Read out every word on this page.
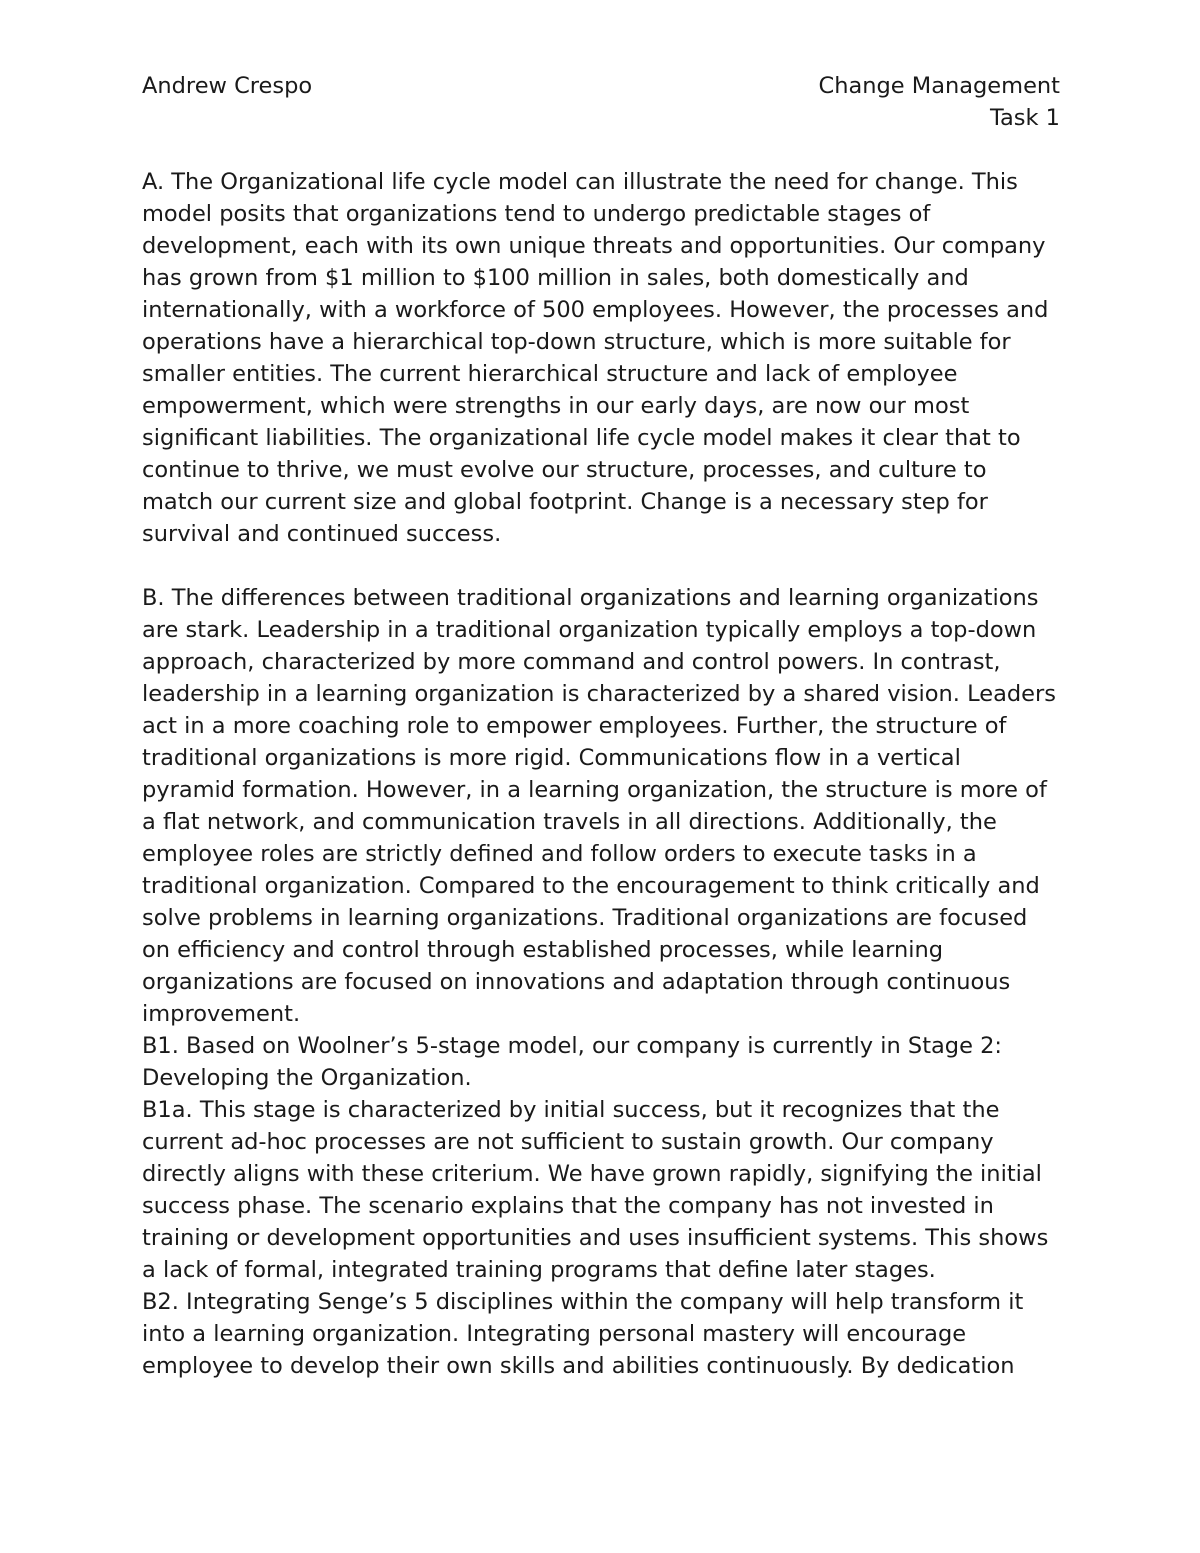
Andrew Crespo	Change Management
Task 1

A. The Organizational life cycle model can illustrate the need for change. This model posits that organizations tend to undergo predictable stages of development, each with its own unique threats and opportunities. Our company has grown from $1 million to $100 million in sales, both domestically and internationally, with a workforce of 500 employees. However, the processes and operations have a hierarchical top-down structure, which is more suitable for smaller entities. The current hierarchical structure and lack of employee empowerment, which were strengths in our early days, are now our most significant liabilities. The organizational life cycle model makes it clear that to continue to thrive, we must evolve our structure, processes, and culture to match our current size and global footprint. Change is a necessary step for survival and continued success.

B. The differences between traditional organizations and learning organizations are stark. Leadership in a traditional organization typically employs a top-down approach, characterized by more command and control powers. In contrast, leadership in a learning organization is characterized by a shared vision. Leaders act in a more coaching role to empower employees. Further, the structure of traditional organizations is more rigid. Communications flow in a vertical pyramid formation. However, in a learning organization, the structure is more of a flat network, and communication travels in all directions. Additionally, the employee roles are strictly defined and follow orders to execute tasks in a traditional organization. Compared to the encouragement to think critically and solve problems in learning organizations. Traditional organizations are focused on efficiency and control through established processes, while learning organizations are focused on innovations and adaptation through continuous improvement.

B1. Based on Woolner’s 5-stage model, our company is currently in Stage 2: Developing the Organization.

B1a. This stage is characterized by initial success, but it recognizes that the current ad-hoc processes are not sufficient to sustain growth. Our company directly aligns with these criterium. We have grown rapidly, signifying the initial success phase. The scenario explains that the company has not invested in training or development opportunities and uses insufficient systems. This shows a lack of formal, integrated training programs that define later stages.

B2. Integrating Senge’s 5 disciplines within the company will help transform it into a learning organization. Integrating personal mastery will encourage employee to develop their own skills and abilities continuously. By dedication
